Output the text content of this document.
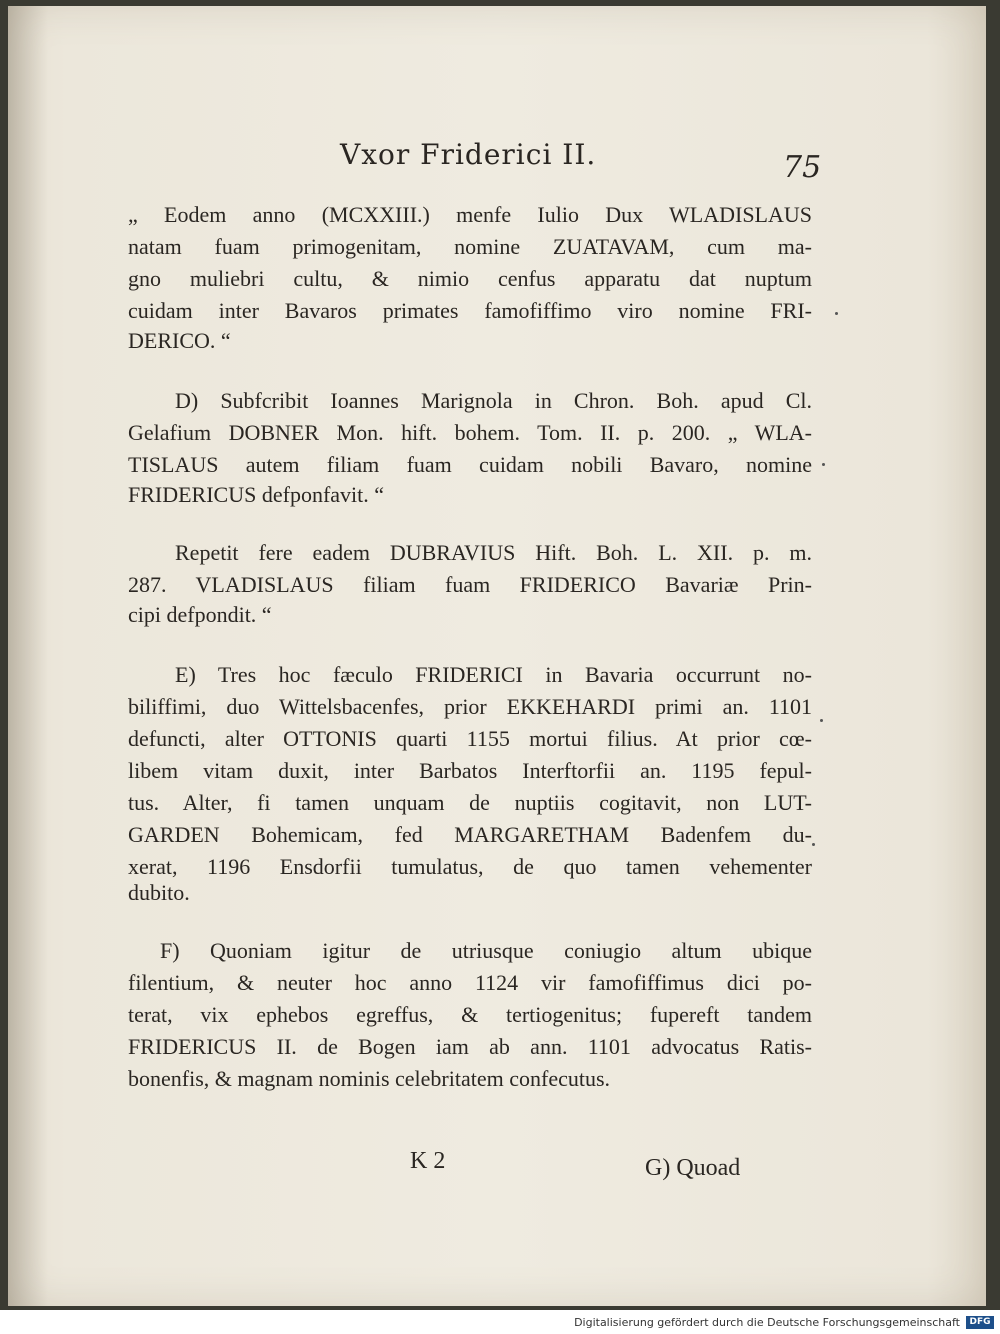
Vxor Friderici II.	75
„ Eodem anno (MCXXIII.) menfe Iulio Dux WLADISLAUS
natam fuam primogenitam, nomine ZUATAVAM, cum ma-
gno muliebri cultu, & nimio cenfus apparatu dat nuptum
cuidam inter Bavaros primates famofiffimo viro nomine FRI-
DERICO. “
D) Subfcribit Ioannes Marignola in Chron. Boh. apud Cl.
Gelafium DOBNER Mon. hift. bohem. Tom. II. p. 200. „ WLA-
TISLAUS autem filiam fuam cuidam nobili Bavaro, nomine
FRIDERICUS defponfavit. “
Repetit fere eadem DUBRAVIUS Hift. Boh. L. XII. p. m.
287. VLADISLAUS filiam fuam FRIDERICO Bavariæ Prin-
cipi defpondit. “
E) Tres hoc fæculo FRIDERICI in Bavaria occurrunt no-
biliffimi, duo Wittelsbacenfes, prior EKKEHARDI primi an. 1101
defuncti, alter OTTONIS quarti 1155 mortui filius. At prior cœ-
libem vitam duxit, inter Barbatos Interftorfii an. 1195 fepul-
tus. Alter, fi tamen unquam de nuptiis cogitavit, non LUT-
GARDEN Bohemicam, fed MARGARETHAM Badenfem du-
xerat, 1196 Ensdorfii tumulatus, de quo tamen vehementer
dubito.
F) Quoniam igitur de utriusque coniugio altum ubique
filentium, & neuter hoc anno 1124 vir famofiffimus dici po-
terat, vix ephebos egreffus, & tertiogenitus; fupereft tandem
FRIDERICUS II. de Bogen iam ab ann. 1101 advocatus Ratis-
bonenfis, & magnam nominis celebritatem confecutus.
K 2	G) Quoad
Digitalisierung gefördert durch die Deutsche Forschungsgemeinschaft	DFG
